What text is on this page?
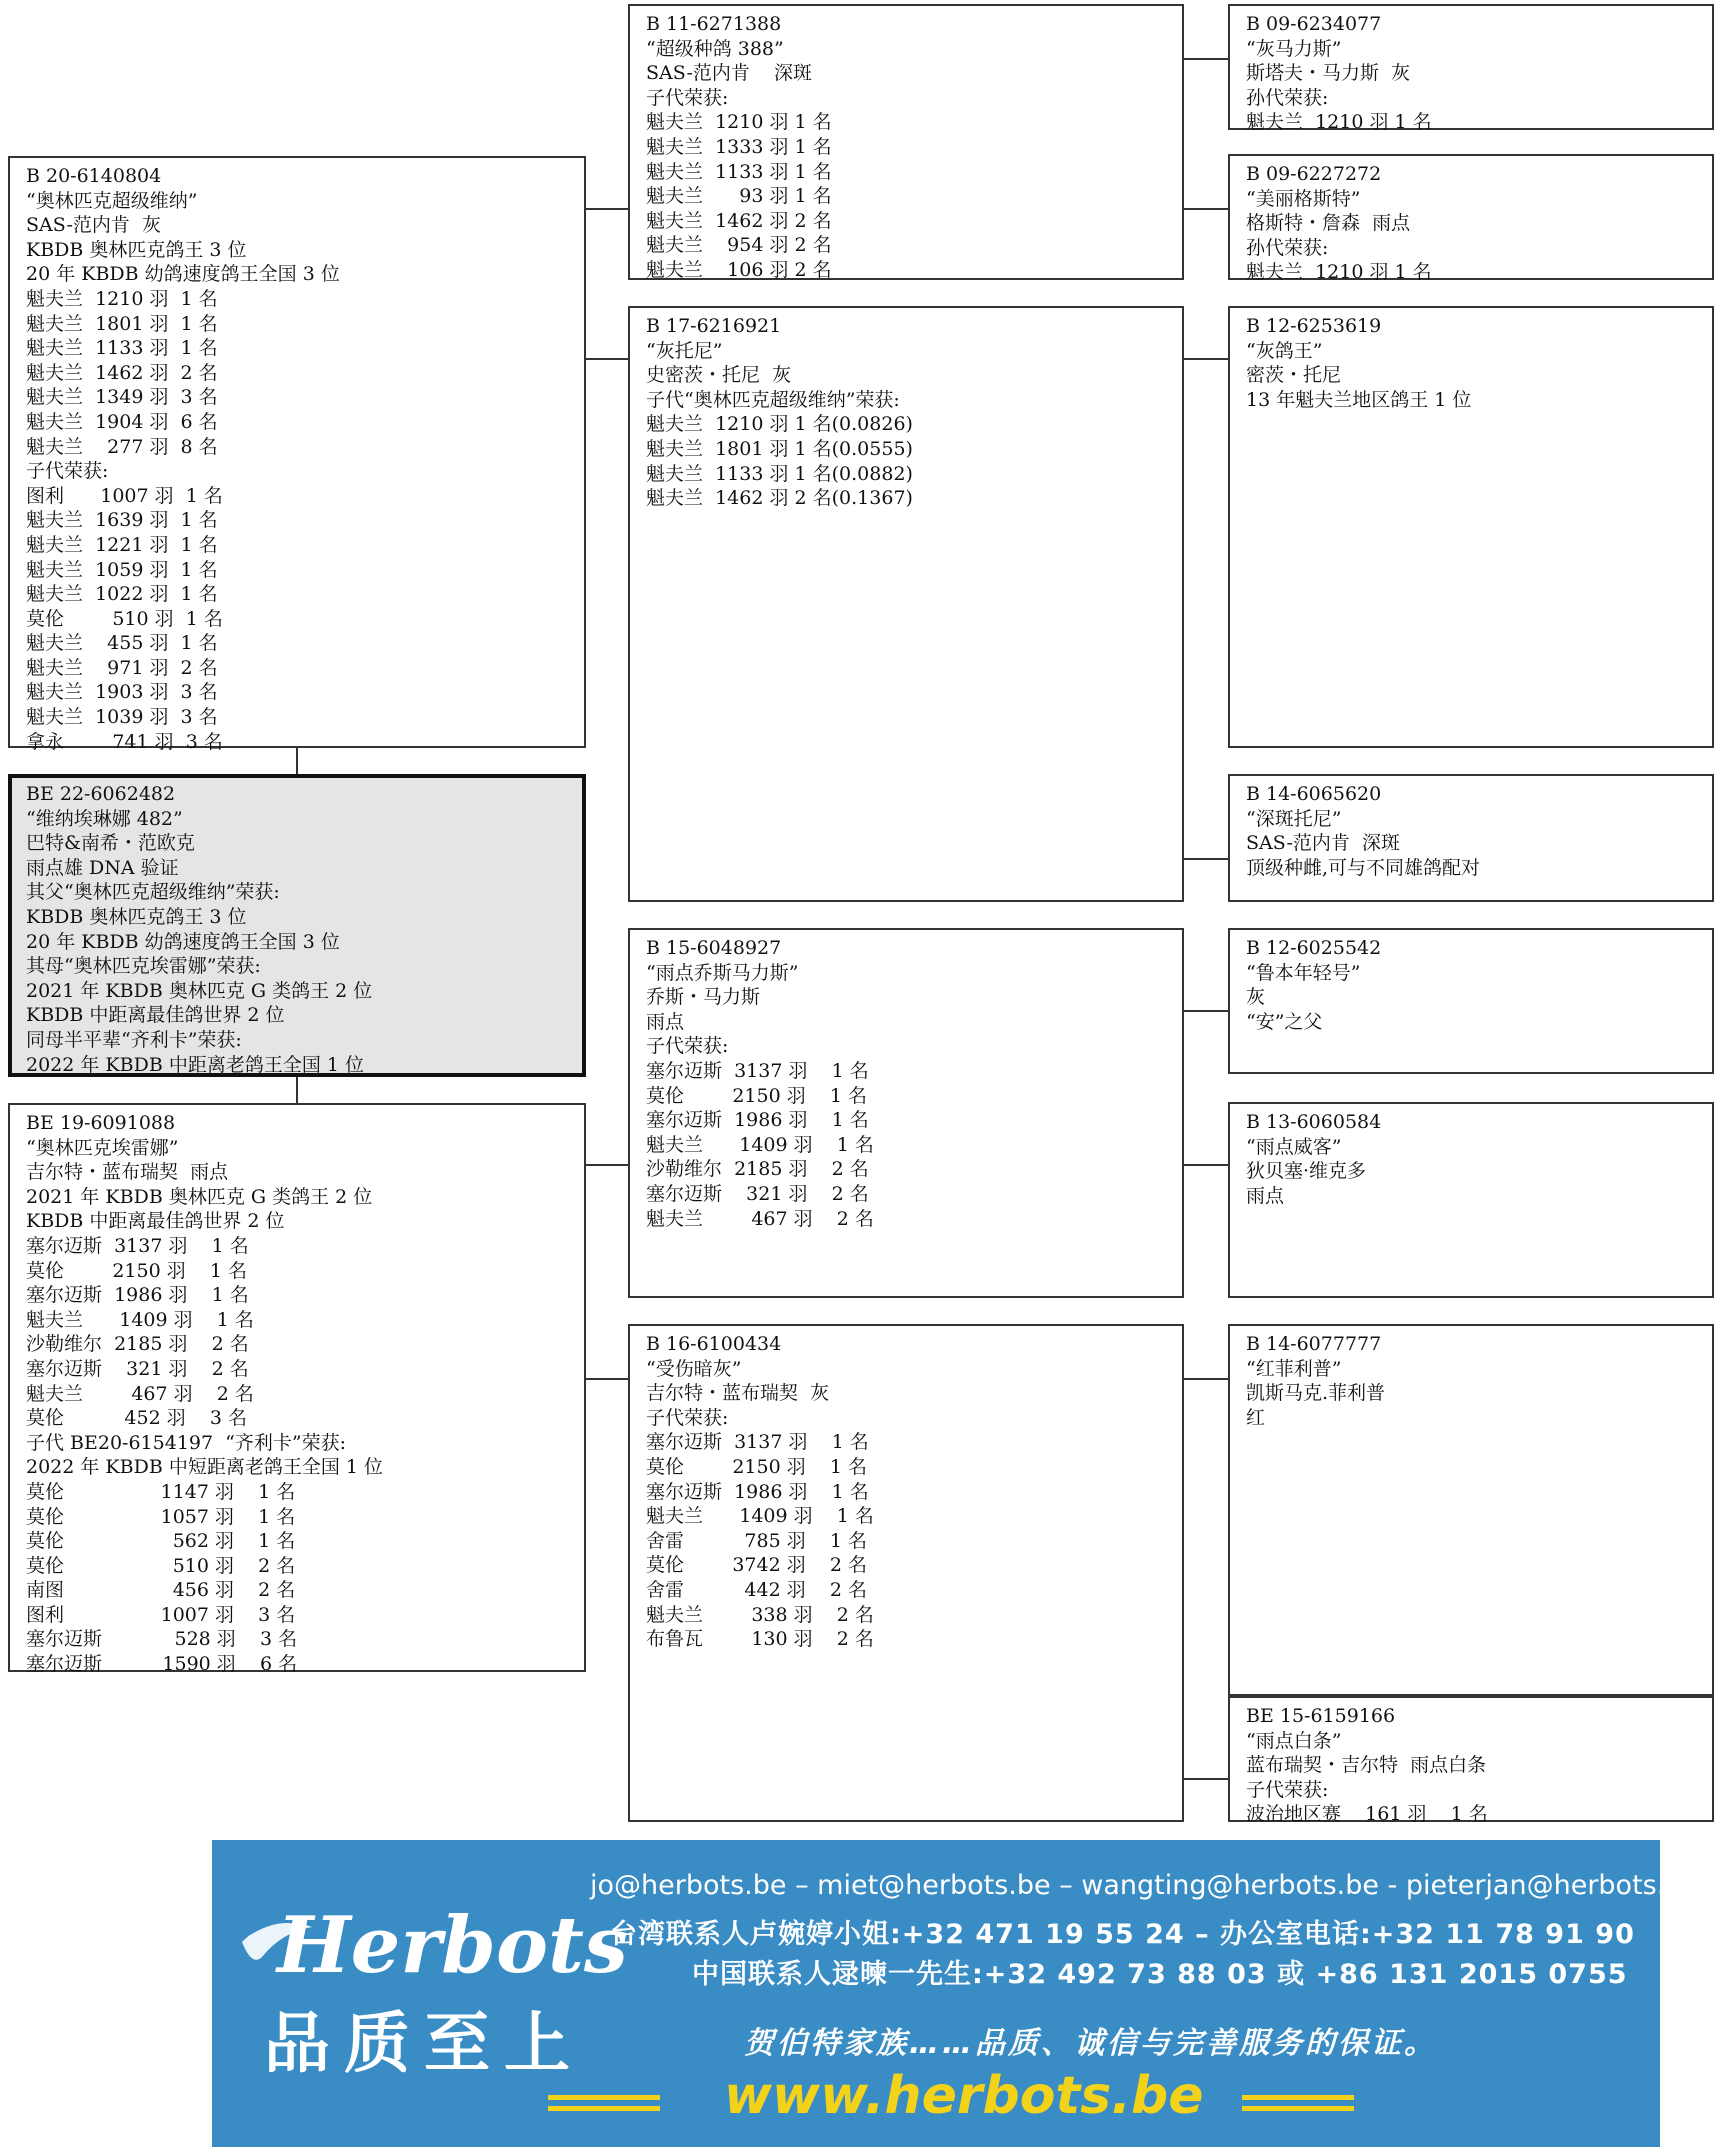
B 20-6140804
“奥林匹克超级维纳”
SAS-范内肯  灰
KBDB 奥林匹克鸽王 3 位
20 年 KBDB 幼鸽速度鸽王全国 3 位
魁夫兰  1210 羽  1 名
魁夫兰  1801 羽  1 名
魁夫兰  1133 羽  1 名
魁夫兰  1462 羽  2 名
魁夫兰  1349 羽  3 名
魁夫兰  1904 羽  6 名
魁夫兰    277 羽  8 名
子代荣获:
图利      1007 羽  1 名
魁夫兰  1639 羽  1 名
魁夫兰  1221 羽  1 名
魁夫兰  1059 羽  1 名
魁夫兰  1022 羽  1 名
莫伦        510 羽  1 名
魁夫兰    455 羽  1 名
魁夫兰    971 羽  2 名
魁夫兰  1903 羽  3 名
魁夫兰  1039 羽  3 名
拿永        741 羽  3 名
BE 22-6062482
“维纳埃琳娜 482”
巴特&南希・范欧克
雨点雄 DNA 验证
其父“奥林匹克超级维纳”荣获:
KBDB 奥林匹克鸽王 3 位
20 年 KBDB 幼鸽速度鸽王全国 3 位
其母“奥林匹克埃雷娜”荣获:
2021 年 KBDB 奥林匹克 G 类鸽王 2 位
KBDB 中距离最佳鸽世界 2 位
同母半平辈“齐利卡”荣获:
2022 年 KBDB 中距离老鸽王全国 1 位
BE 19-6091088
“奥林匹克埃雷娜”
吉尔特・蓝布瑞契  雨点
2021 年 KBDB 奥林匹克 G 类鸽王 2 位
KBDB 中距离最佳鸽世界 2 位
塞尔迈斯  3137 羽    1 名
莫伦        2150 羽    1 名
塞尔迈斯  1986 羽    1 名
魁夫兰      1409 羽    1 名
沙勒维尔  2185 羽    2 名
塞尔迈斯    321 羽    2 名
魁夫兰        467 羽    2 名
莫伦          452 羽    3 名
子代 BE20-6154197  “齐利卡”荣获:
2022 年 KBDB 中短距离老鸽王全国 1 位
莫伦                1147 羽    1 名
莫伦                1057 羽    1 名
莫伦                  562 羽    1 名
莫伦                  510 羽    2 名
南图                  456 羽    2 名
图利                1007 羽    3 名
塞尔迈斯            528 羽    3 名
塞尔迈斯          1590 羽    6 名
B 11-6271388
“超级种鸽 388”
SAS-范内肯    深斑
子代荣获:
魁夫兰  1210 羽 1 名
魁夫兰  1333 羽 1 名
魁夫兰  1133 羽 1 名
魁夫兰      93 羽 1 名
魁夫兰  1462 羽 2 名
魁夫兰    954 羽 2 名
魁夫兰    106 羽 2 名
B 17-6216921
“灰托尼”
史密茨・托尼  灰
子代“奥林匹克超级维纳”荣获:
魁夫兰  1210 羽 1 名(0.0826)
魁夫兰  1801 羽 1 名(0.0555)
魁夫兰  1133 羽 1 名(0.0882)
魁夫兰  1462 羽 2 名(0.1367)
B 15-6048927
“雨点乔斯马力斯”
乔斯・马力斯
雨点
子代荣获:
塞尔迈斯  3137 羽    1 名
莫伦        2150 羽    1 名
塞尔迈斯  1986 羽    1 名
魁夫兰      1409 羽    1 名
沙勒维尔  2185 羽    2 名
塞尔迈斯    321 羽    2 名
魁夫兰        467 羽    2 名
B 16-6100434
“受伤暗灰”
吉尔特・蓝布瑞契  灰
子代荣获:
塞尔迈斯  3137 羽    1 名
莫伦        2150 羽    1 名
塞尔迈斯  1986 羽    1 名
魁夫兰      1409 羽    1 名
舍雷          785 羽    1 名
莫伦        3742 羽    2 名
舍雷          442 羽    2 名
魁夫兰        338 羽    2 名
布鲁瓦        130 羽    2 名
B 09-6234077
“灰马力斯”
斯塔夫・马力斯  灰
孙代荣获:
魁夫兰  1210 羽 1 名
B 09-6227272
“美丽格斯特”
格斯特・詹森  雨点
孙代荣获:
魁夫兰  1210 羽 1 名
B 12-6253619
“灰鸽王”
密茨・托尼
13 年魁夫兰地区鸽王 1 位
B 14-6065620
“深斑托尼”
SAS-范内肯  深斑
顶级种雌,可与不同雄鸽配对
B 12-6025542
“鲁本年轻号”
灰
“安”之父
B 13-6060584
“雨点威客”
狄贝塞·维克多
雨点
B 14-6077777
“红菲利普”
凯斯马克.菲利普
红
BE 15-6159166
“雨点白条”
蓝布瑞契・吉尔特  雨点白条
子代荣获:
波治地区赛    161 羽    1 名
Herbots
品质至上
jo@herbots.be – miet@herbots.be – wangting@herbots.be - pieterjan@herbots.be
台湾联系人卢婉婷小姐:+32 471 19 55 24 – 办公室电话:+32 11 78 91 90
中国联系人逯暕一先生:+32 492 73 88 03 或 +86 131 2015 0755
贺伯特家族……品质、诚信与完善服务的保证。
www.herbots.be
